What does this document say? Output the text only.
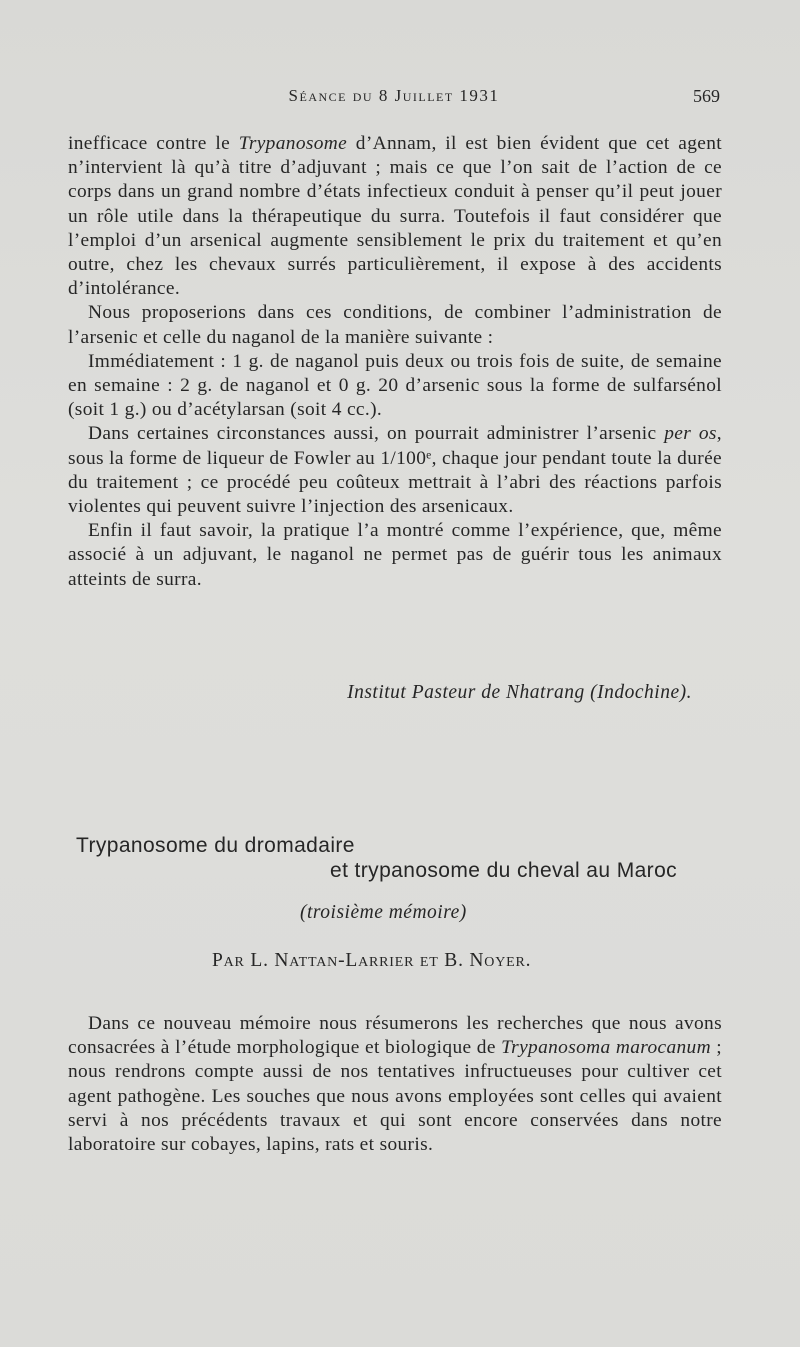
Séance du 8 Juillet 1931	569

inefficace contre le Trypanosome d’Annam, il est bien évident que cet agent n’intervient là qu’à titre d’adjuvant ; mais ce que l’on sait de l’action de ce corps dans un grand nombre d’états infectieux conduit à penser qu’il peut jouer un rôle utile dans la thérapeutique du surra. Toutefois il faut considérer que l’emploi d’un arsenical augmente sensiblement le prix du traitement et qu’en outre, chez les chevaux surrés particulièrement, il expose à des accidents d’intolérance.

Nous proposerions dans ces conditions, de combiner l’administration de l’arsenic et celle du naganol de la manière suivante :

Immédiatement : 1 g. de naganol puis deux ou trois fois de suite, de semaine en semaine : 2 g. de naganol et 0 g. 20 d’arsenic sous la forme de sulfarsénol (soit 1 g.) ou d’acétylarsan (soit 4 cc.).

Dans certaines circonstances aussi, on pourrait administrer l’arsenic per os, sous la forme de liqueur de Fowler au 1/100ᵉ, chaque jour pendant toute la durée du traitement ; ce procédé peu coûteux mettrait à l’abri des réactions parfois violentes qui peuvent suivre l’injection des arsenicaux.

Enfin il faut savoir, la pratique l’a montré comme l’expérience, que, même associé à un adjuvant, le naganol ne permet pas de guérir tous les animaux atteints de surra.

Institut Pasteur de Nhatrang (Indochine).
Trypanosome du dromadaire
et trypanosome du cheval au Maroc
(troisième mémoire)
Par L. Nattan-Larrier et B. Noyer.

Dans ce nouveau mémoire nous résumerons les recherches que nous avons consacrées à l’étude morphologique et biologique de Trypanosoma marocanum ; nous rendrons compte aussi de nos tentatives infructueuses pour cultiver cet agent pathogène. Les souches que nous avons employées sont celles qui avaient servi à nos précédents travaux et qui sont encore conservées dans notre laboratoire sur cobayes, lapins, rats et souris.
